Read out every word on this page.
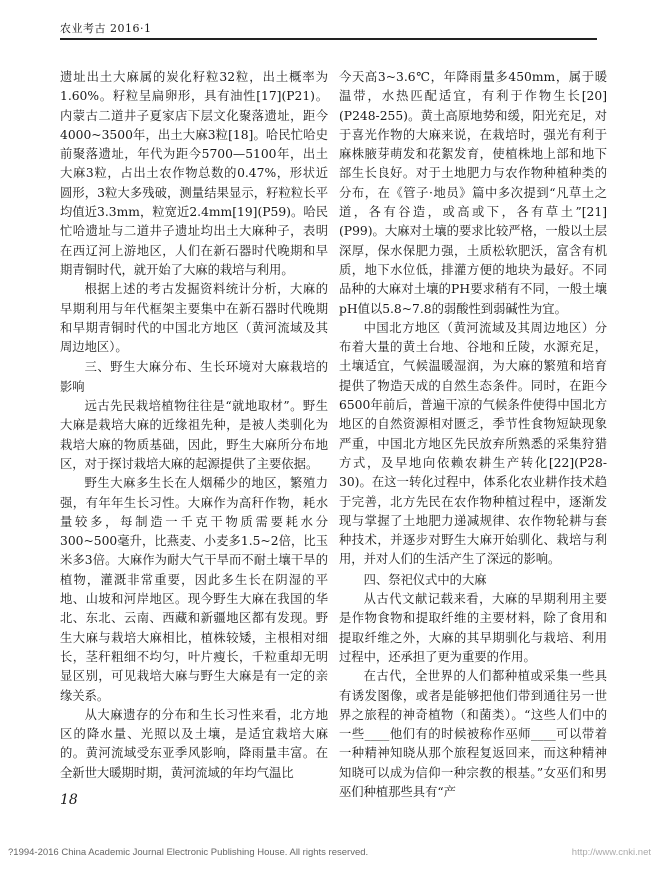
农业考古 2016·1

遗址出土大麻属的炭化籽粒32粒，出土概率为1.60%。籽粒呈扁卵形，具有油性[17](P21)。内蒙古二道井子夏家店下层文化聚落遗址，距今4000~3500年，出土大麻3粒[18]。哈民忙哈史前聚落遗址，年代为距今5700—5100年，出土大麻3粒，占出土农作物总数的0.47%，形状近圆形，3粒大多残破，测量结果显示，籽粒粒长平均值近3.3mm，粒宽近2.4mm[19](P59)。哈民忙哈遗址与二道井子遗址均出土大麻种子，表明在西辽河上游地区，人们在新石器时代晚期和早期青铜时代，就开始了大麻的栽培与利用。

根据上述的考古发掘资料统计分析，大麻的早期利用与年代框架主要集中在新石器时代晚期和早期青铜时代的中国北方地区（黄河流域及其周边地区）。

三、野生大麻分布、生长环境对大麻栽培的影响

远古先民栽培植物往往是“就地取材”。野生大麻是栽培大麻的近缘祖先种，是被人类驯化为栽培大麻的物质基础，因此，野生大麻所分布地区，对于探讨栽培大麻的起源提供了主要依据。

野生大麻多生长在人烟稀少的地区，繁殖力强，有年年生长习性。大麻作为高秆作物，耗水量较多，每制造一千克干物质需要耗水分300~500毫升，比燕麦、小麦多1.5~2倍，比玉米多3倍。大麻作为耐大气干旱而不耐土壤干旱的植物，灌溉非常重要，因此多生长在阴湿的平地、山坡和河岸地区。现今野生大麻在我国的华北、东北、云南、西藏和新疆地区都有发现。野生大麻与栽培大麻相比，植株较矮，主根相对细长，茎秆粗细不均匀，叶片瘦长，千粒重却无明显区别，可见栽培大麻与野生大麻是有一定的亲缘关系。

从大麻遗存的分布和生长习性来看，北方地区的降水量、光照以及土壤，是适宜栽培大麻的。黄河流域受东亚季风影响，降雨量丰富。在全新世大暖期时期，黄河流域的年均气温比

今天高3~3.6℃，年降雨量多450mm，属于暖温带，水热匹配适宜，有利于作物生长[20](P248-255)。黄土高原地势和缓，阳光充足，对于喜光作物的大麻来说，在栽培时，强光有利于麻株腋芽萌发和花絮发育，使植株地上部和地下部生长良好。对于土地肥力与农作物种植种类的分布，在《管子·地员》篇中多次提到“凡草土之道，各有谷造，或高或下，各有草土”[21](P99)。大麻对土壤的要求比较严格，一般以土层深厚，保水保肥力强，土质松软肥沃，富含有机质，地下水位低，排灌方便的地块为最好。不同品种的大麻对土壤的PH要求稍有不同，一般土壤pH值以5.8~7.8的弱酸性到弱碱性为宜。

中国北方地区（黄河流域及其周边地区）分布着大量的黄土台地、谷地和丘陵，水源充足，土壤适宜，气候温暖湿润，为大麻的繁殖和培育提供了物造天成的自然生态条件。同时，在距今6500年前后，普遍干凉的气候条件使得中国北方地区的自然资源相对匮乏，季节性食物短缺现象严重，中国北方地区先民放弃所熟悉的采集狩猎方式，及早地向依赖农耕生产转化[22](P28-30)。在这一转化过程中，体系化农业耕作技术趋于完善，北方先民在农作物种植过程中，逐渐发现与掌握了土地肥力递减规律、农作物轮耕与套种技术，并逐步对野生大麻开始驯化、栽培与利用，并对人们的生活产生了深远的影响。

四、祭祀仪式中的大麻

从古代文献记载来看，大麻的早期利用主要是作物食物和提取纤维的主要材料，除了食用和提取纤维之外，大麻的其早期驯化与栽培、利用过程中，还承担了更为重要的作用。

在古代，全世界的人们都种植或采集一些具有诱发图像，或者是能够把他们带到通往另一世界之旅程的神奇植物（和菌类）。“这些人们中的一些____他们有的时候被称作巫师____可以带着一种精神知晓从那个旅程复返回来，而这种精神知晓可以成为信仰一种宗教的根基。”女巫们和男巫们种植那些具有“产

18
?1994-2016 China Academic Journal Electronic Publishing House. All rights reserved.	http://www.cnki.net
